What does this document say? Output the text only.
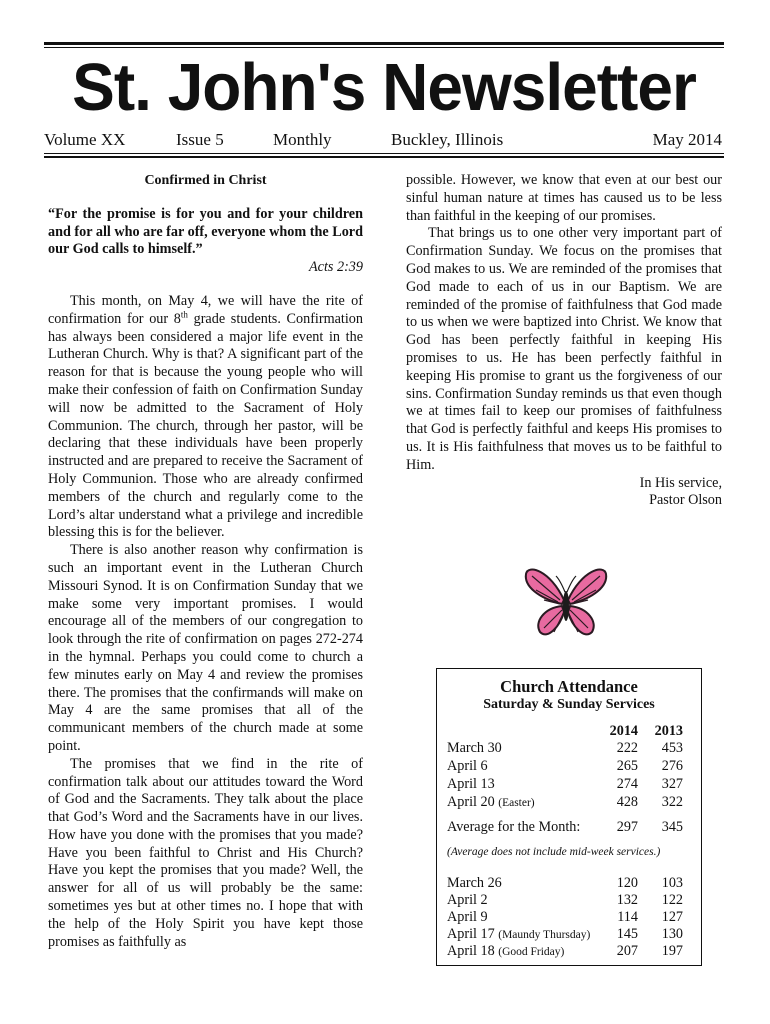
St. John's Newsletter
Volume XX	Issue 5	Monthly	Buckley, Illinois	May 2014

Confirmed in Christ

“For the promise is for you and for your children and for all who are far off, everyone whom the Lord our God calls to himself.”

Acts 2:39

This month, on May 4, we will have the rite of confirmation for our 8th grade students. Confirmation has always been considered a major life event in the Lutheran Church. Why is that? A significant part of the reason for that is because the young people who will make their confession of faith on Confirmation Sunday will now be admitted to the Sacrament of Holy Communion. The church, through her pastor, will be declaring that these individuals have been properly instructed and are prepared to receive the Sacrament of Holy Communion. Those who are already confirmed members of the church and regularly come to the Lord’s altar understand what a privilege and incredible blessing this is for the believer.

There is also another reason why confirmation is such an important event in the Lutheran Church Missouri Synod. It is on Confirmation Sunday that we make some very important promises. I would encourage all of the members of our congregation to look through the rite of confirmation on pages 272-274 in the hymnal. Perhaps you could come to church a few minutes early on May 4 and review the promises there. The promises that the confirmands will make on May 4 are the same promises that all of the communicant members of the church made at some point.

The promises that we find in the rite of confirmation talk about our attitudes toward the Word of God and the Sacraments. They talk about the place that God’s Word and the Sacraments have in our lives. How have you done with the promises that you made? Have you been faithful to Christ and His Church? Have you kept the promises that you made? Well, the answer for all of us will probably be the same: sometimes yes but at other times no. I hope that with the help of the Holy Spirit you have kept those promises as faithfully as

possible. However, we know that even at our best our sinful human nature at times has caused us to be less than faithful in the keeping of our promises.

That brings us to one other very important part of Confirmation Sunday. We focus on the promises that God makes to us. We are reminded of the promises that God made to each of us in our Baptism. We are reminded of the promise of faithfulness that God made to us when we were baptized into Christ. We know that God has been perfectly faithful in keeping His promises to us. He has been perfectly faithful in keeping His promise to grant us the forgiveness of our sins. Confirmation Sunday reminds us that even though we at times fail to keep our promises of faithfulness that God is perfectly faithful and keeps His promises to us. It is His faithfulness that moves us to be faithful to Him.

In His service,

Pastor Olson

Church Attendance
Saturday & Sunday Services
2014 2013
March 30	222 453
April 6	265 276
April 13	274 327
April 20 (Easter)	428 322
Average for the Month:	297 345
(Average does not include mid-week services.)
March 26	120 103
April 2	132 122
April 9	114 127
April 17 (Maundy Thursday) 145 130
April 18 (Good Friday)	207 197
